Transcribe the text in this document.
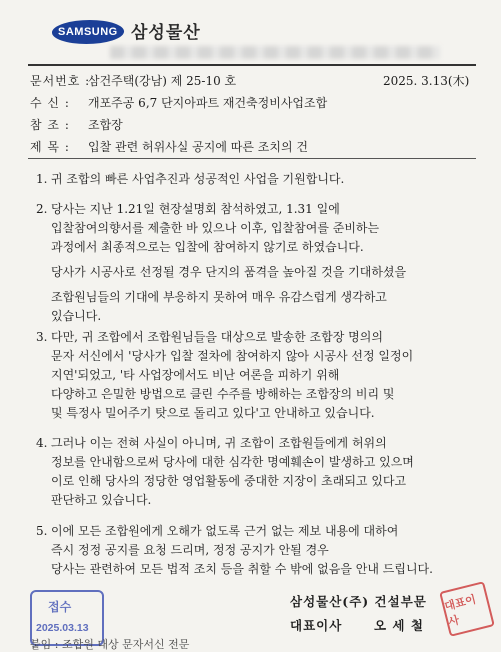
SAMSUNG 삼성물산
문서번호 :삼건주택(강남) 제 25-10 호	2025. 3.13(木)
수 신 : 개포주공 6,7 단지아파트 재건축정비사업조합
참 조 : 조합장
제 목 : 입찰 관련 허위사실 공지에 따른 조치의 건
1. 귀 조합의 빠른 사업추진과 성공적인 사업을 기원합니다.
2. 당사는 지난 1.21일 현장설명회 참석하였고, 1.31 일에
입찰참여의향서를 제출한 바 있으나 이후, 입찰참여를 준비하는
과정에서 최종적으로는 입찰에 참여하지 않기로 하였습니다.
당사가 시공사로 선정될 경우 단지의 품격을 높아질 것을 기대하셨을
조합원님들의 기대에 부응하지 못하여 매우 유감스럽게 생각하고
있습니다.
3. 다만, 귀 조합에서 조합원님들을 대상으로 발송한 조합장 명의의
문자 서신에서 '당사가 입찰 절차에 참여하지 않아 시공사 선정 일정이
지연'되었고, '타 사업장에서도 비난 여론을 피하기 위해
다양하고 은밀한 방법으로 클린 수주를 방해하는 조합장의 비리 및
및 특정사 밀어주기 탓으로 돌리고 있다'고 안내하고 있습니다.
4. 그러나 이는 전혀 사실이 아니며, 귀 조합이 조합원들에게 허위의
정보를 안내함으로써 당사에 대한 심각한 명예훼손이 발생하고 있으며
이로 인해 당사의 정당한 영업활동에 중대한 지장이 초래되고 있다고
판단하고 있습니다.
5. 이에 모든 조합원에게 오해가 없도록 근거 없는 제보 내용에 대하여
즉시 정정 공지를 요청 드리며, 정정 공지가 안될 경우
당사는 관련하여 모든 법적 조치 등을 취할 수 밖에 없음을 안내 드립니다.
삼성물산(주) 건설부문
대표이사	오 세 철
접수
2025.03.13
대표이사
붙임 : 조합원 대상 문자서신 전문
